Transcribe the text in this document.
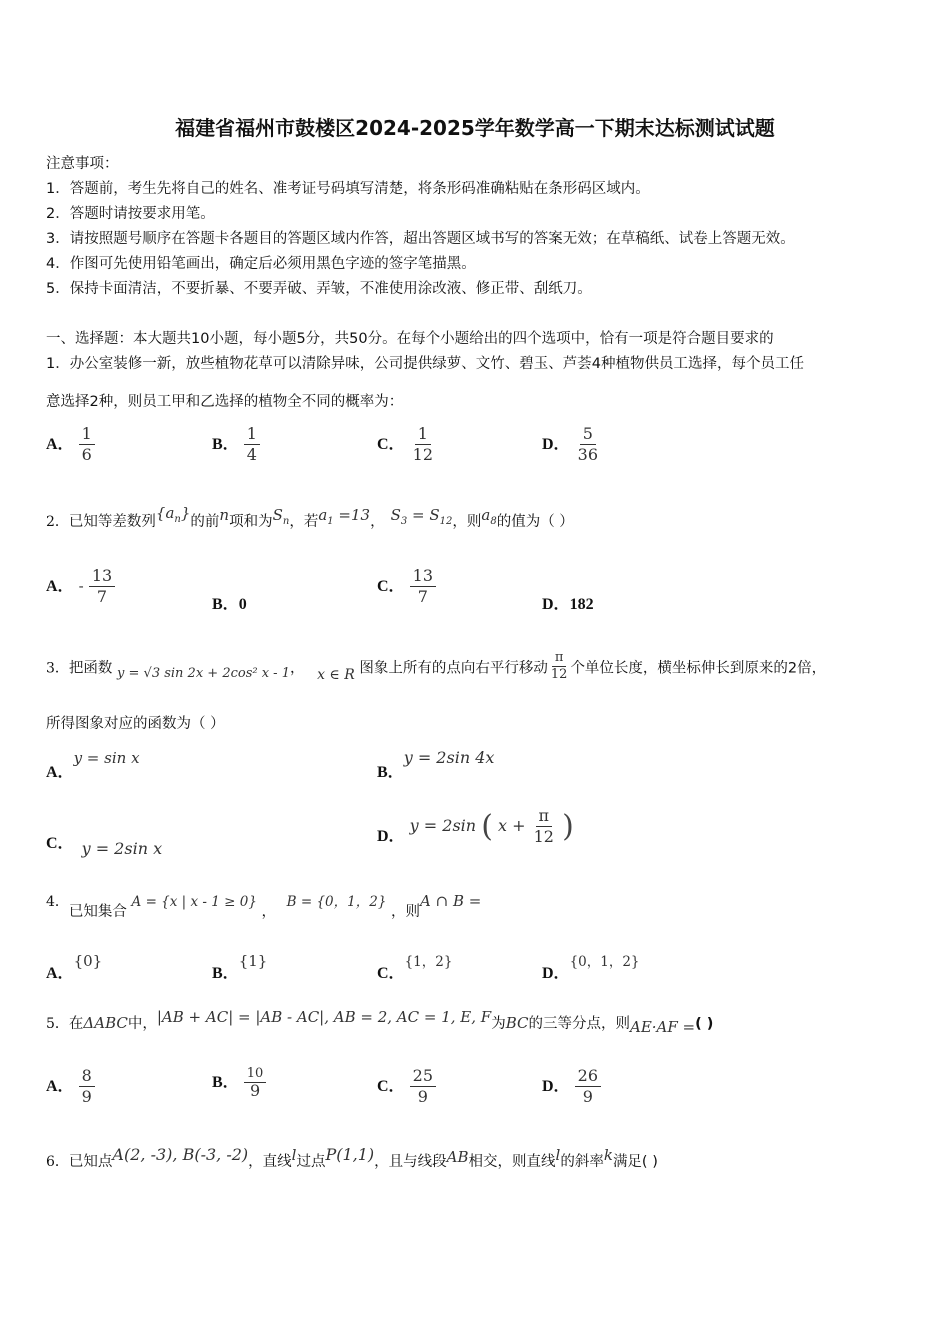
福建省福州市鼓楼区2024-2025学年数学高一下期末达标测试试题
注意事项：
1．答题前，考生先将自己的姓名、准考证号码填写清楚，将条形码准确粘贴在条形码区域内。
2．答题时请按要求用笔。
3．请按照题号顺序在答题卡各题目的答题区域内作答，超出答题区域书写的答案无效；在草稿纸、试卷上答题无效。
4．作图可先使用铅笔画出，确定后必须用黑色字迹的签字笔描黑。
5．保持卡面清洁，不要折暴、不要弄破、弄皱，不准使用涂改液、修正带、刮纸刀。
一、选择题：本大题共10小题，每小题5分，共50分。在每个小题给出的四个选项中，恰有一项是符合题目要求的
1．办公室装修一新，放些植物花草可以清除异味，公司提供绿萝、文竹、碧玉、芦荟4种植物供员工选择，每个员工任
意选择2种，则员工甲和乙选择的植物全不同的概率为：
A． $\frac{1}{6}$	B． $\frac{1}{4}$	C． $\frac{1}{12}$	D． $\frac{5}{36}$
2．已知等差数列$\{a_n\}$的前n项和为$S_n$，若$a_1 =13$， $S_3 = S_{12}$，则$a_8$的值为（ ）
A． - $\frac{13}{7}$	B．0
C． $\frac{13}{7}$	D．182
3．把函数 y = √3 sin 2x + 2cos² x - 1， x ∈ R 图象上所有的点向右平行移动 $\frac{\pi}{12}$ 个单位长度，横坐标伸长到原来的2倍，
所得图象对应的函数为（ ）
A．y = sin x
B．y = 2sin 4x
C． y = 2sin x
D． y = 2sin ( $x + \frac{\pi}{12}$ )
4．已知集合 A = {x | x - 1 ≥ 0} ， B = {0，1，2} ，则A ∩ B =
A．{0}
B．{1}
C．{1，2}
D．{0，1，2}
5．在ΔABC中，|AB + AC| = |AB - AC|, AB = 2, AC = 1, E, F为BC的三等分点，则AE·AF =( )
A． $\frac{8}{9}$	B． $\frac{10}{9}$	C． $\frac{25}{9}$	D． $\frac{26}{9}$
6．已知点A(2, -3), B(-3, -2)，直线l过点P(1,1)，且与线段AB相交，则直线l的斜率k满足( )
